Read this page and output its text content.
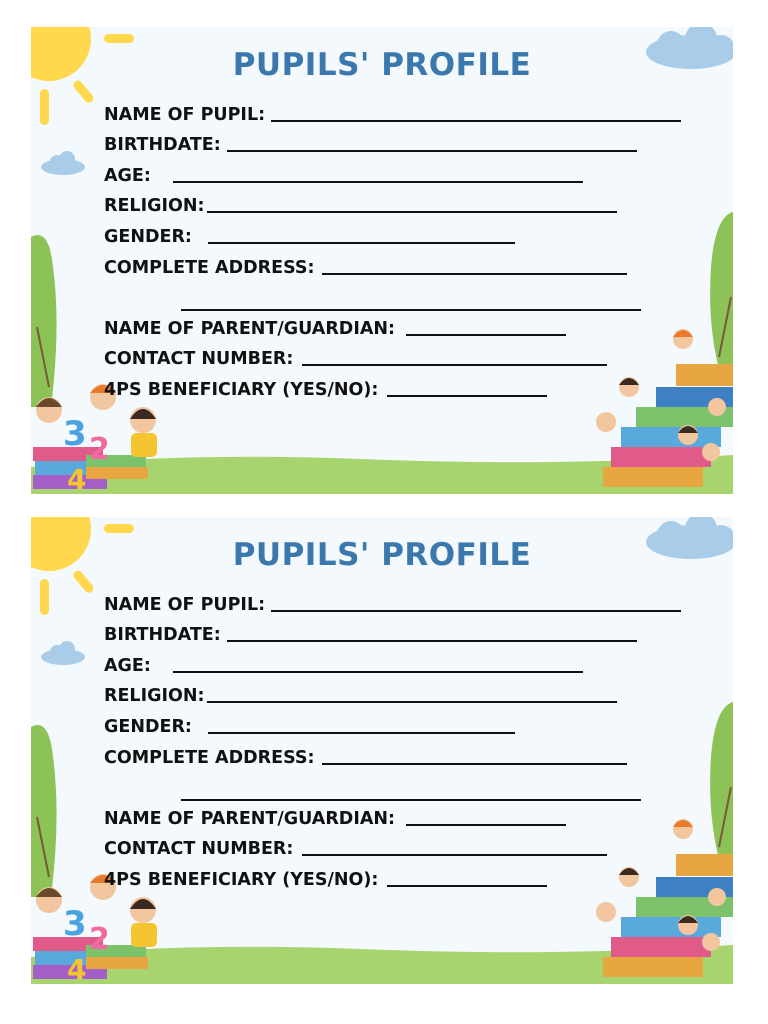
3 2
4
PUPILS' PROFILE
NAME OF PUPIL:
BIRTHDATE:
AGE:
RELIGION:
GENDER:
COMPLETE ADDRESS:
NAME OF PARENT/GUARDIAN:
CONTACT NUMBER:
4PS BENEFICIARY (YES/NO):
3 2
4
PUPILS' PROFILE
NAME OF PUPIL:
BIRTHDATE:
AGE:
RELIGION:
GENDER:
COMPLETE ADDRESS:
NAME OF PARENT/GUARDIAN:
CONTACT NUMBER:
4PS BENEFICIARY (YES/NO):
